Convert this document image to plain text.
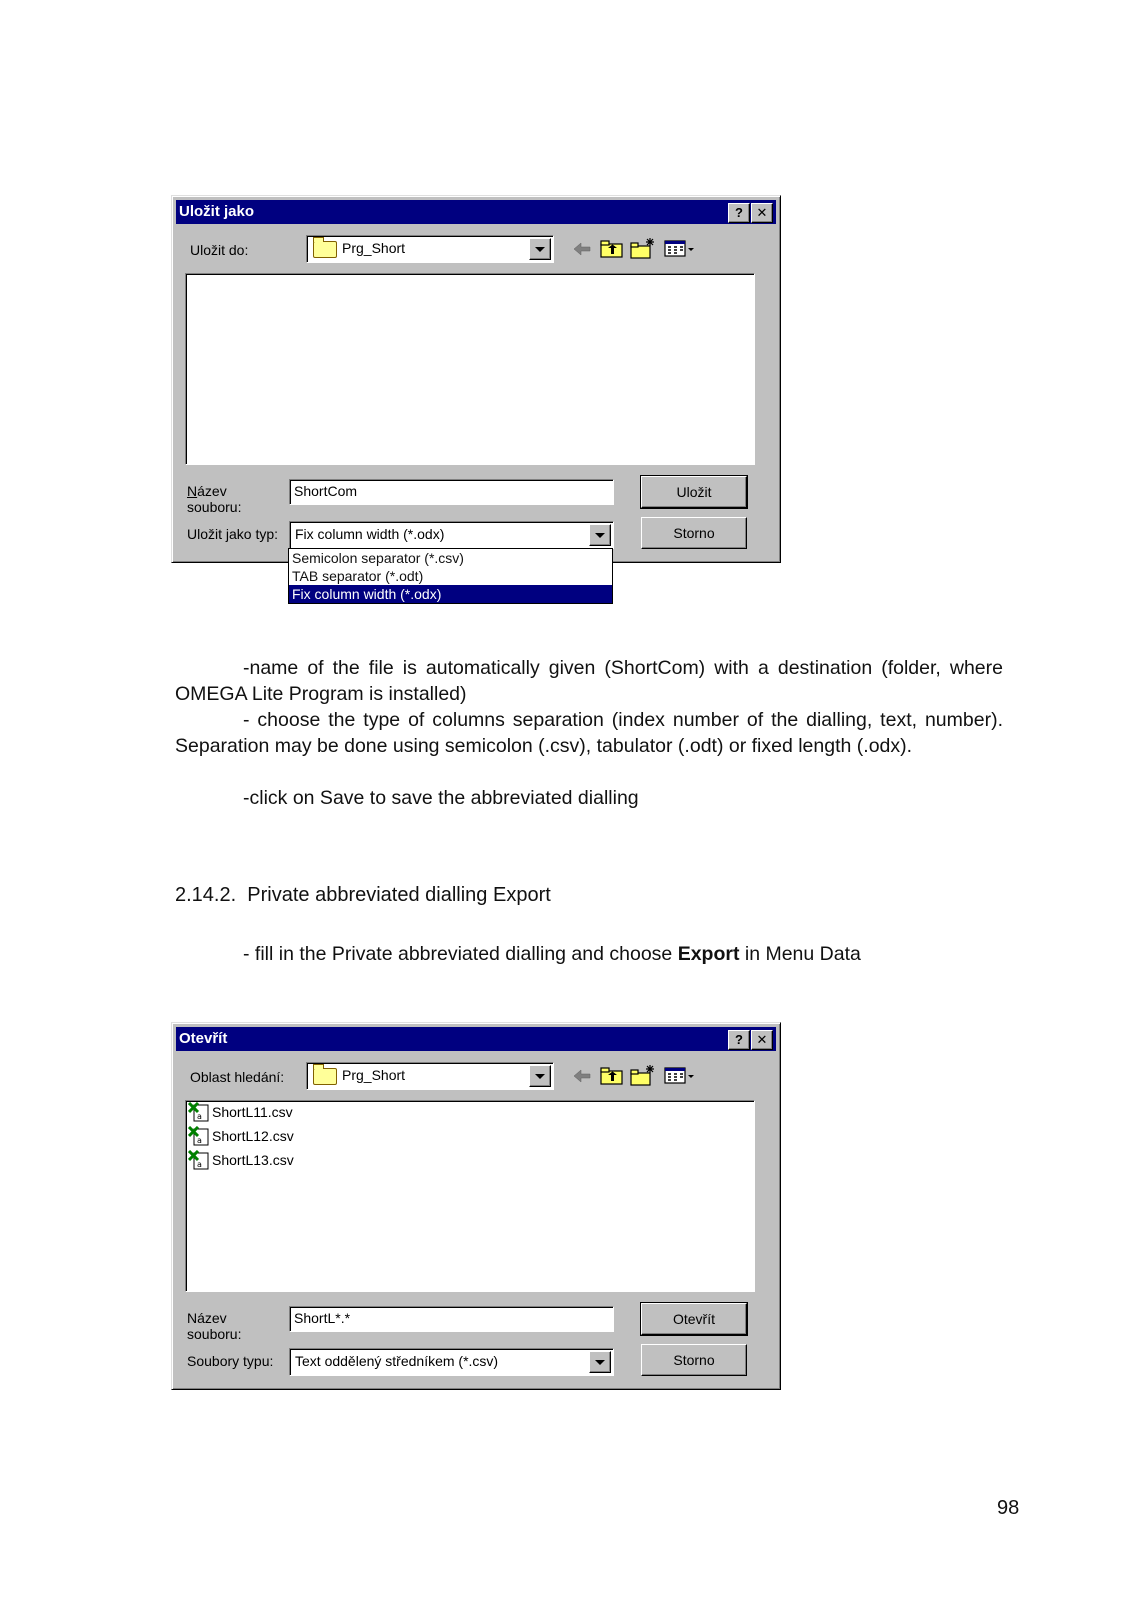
Uložit jako	?	✕
Uložit do:	Prg_Short
Název
souboru:
ShortCom
Uložit jako typ: Fix column width (*.odx)
Uložit
Storno
Semicolon separator (*.csv)
TAB separator (*.odt)
Fix column width (*.odx)
-name of the file is automatically given (ShortCom) with a destination (folder, where OMEGA Lite Program is installed)
- choose the type of columns separation (index number of the dialling, text, number). Separation may be done using semicolon (.csv), tabulator (.odt) or fixed length (.odx).
-click on Save to save the abbreviated dialling
2.14.2.  Private abbreviated dialling Export
- fill in the Private abbreviated dialling and choose Export in Menu Data
Otevřít	?	✕
Oblast hledání:	Prg_Short
a ShortL11.csv
a ShortL12.csv
a ShortL13.csv
Název
souboru:
ShortL*.*
Soubory typu: Text oddělený středníkem (*.csv)
Otevřít
Storno
98
